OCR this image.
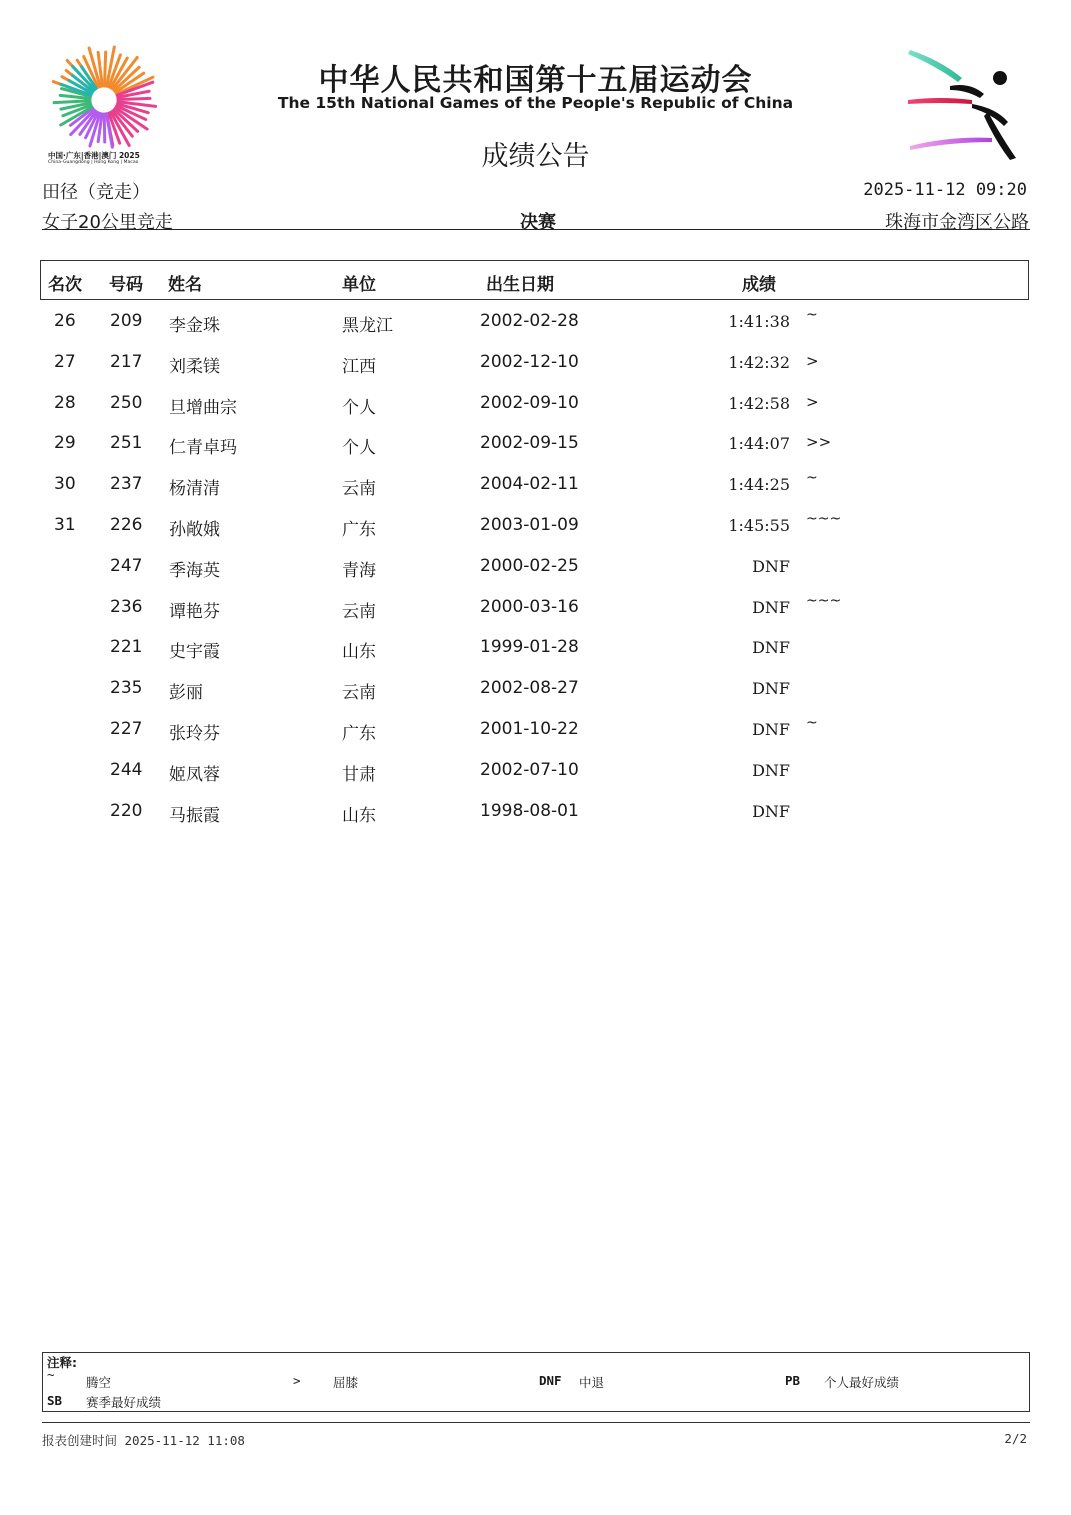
中国·广东|香港|澳门 2025
China-Guangdong | Hong Kong | Macao
中华人民共和国第十五届运动会
The 15th National Games of the People's Republic of China
成绩公告
田径（竞走）	2025-11-12 09:20
女子20公里竞走	决赛	珠海市金湾区公路
名次 号码 姓名	单位	出生日期	成绩
26 209 李金珠	黑龙江	2002-02-28	1:41:38 ~
27 217 刘柔镁	江西	2002-12-10	1:42:32 >
28 250 旦增曲宗	个人	2002-09-10	1:42:58 >
29 251 仁青卓玛	个人	2002-09-15	1:44:07 >>
30 237 杨清清	云南	2004-02-11	1:44:25 ~
31 226 孙敞娥	广东	2003-01-09	1:45:55 ~~~
247 季海英	青海	2000-02-25	DNF
236 谭艳芬	云南	2000-03-16	DNF ~~~
221 史宇霞	山东	1999-01-28	DNF
235 彭丽	云南	2002-08-27	DNF
227 张玲芬	广东	2001-10-22	DNF ~
244 姬凤蓉	甘肃	2002-07-10	DNF
220 马振霞	山东	1998-08-01	DNF
注释:
~
腾空	>	屈膝	DNF 中退	PB 个人最好成绩
SB 赛季最好成绩
报表创建时间 2025-11-12 11:08	2/2
